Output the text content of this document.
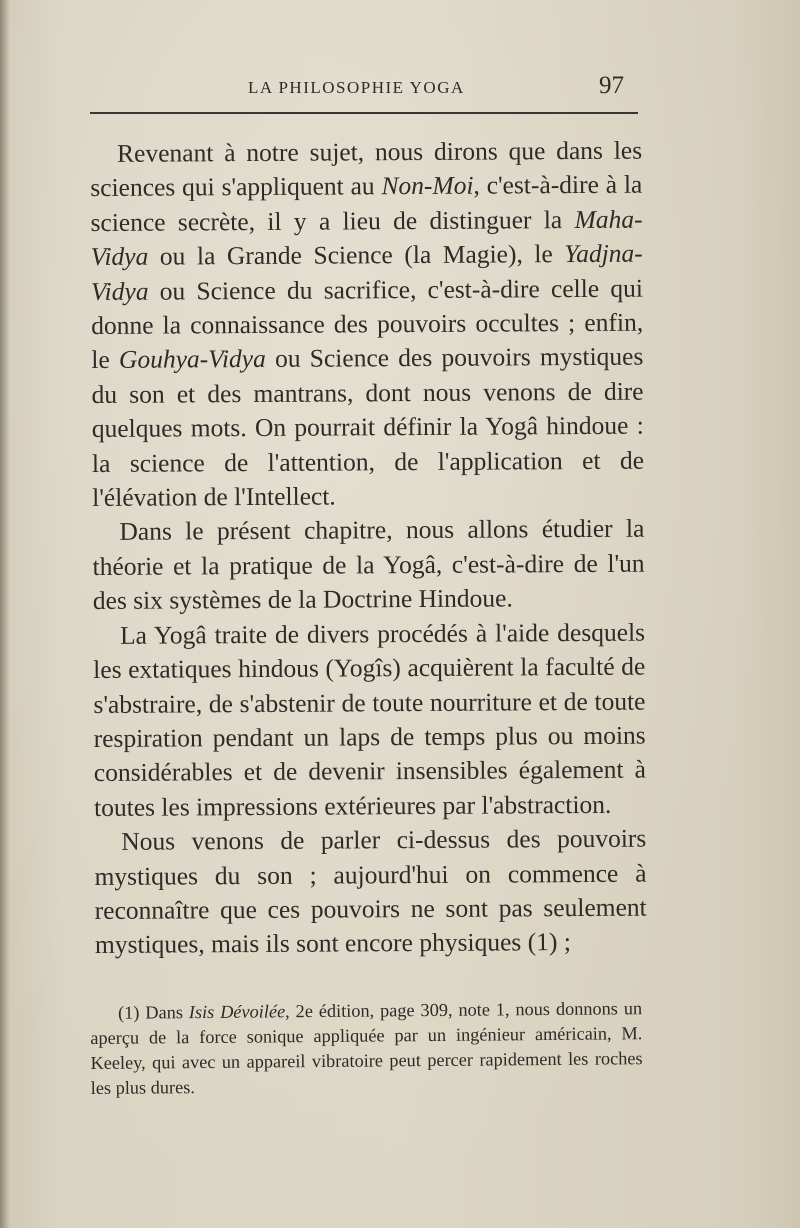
LA PHILOSOPHIE YOGA	97

Revenant à notre sujet, nous dirons que dans les sciences qui s'appliquent au Non-Moi, c'est-à-dire à la science secrète, il y a lieu de distinguer la Maha-Vidya ou la Grande Science (la Magie), le Yadjna-Vidya ou Science du sacrifice, c'est-à-dire celle qui donne la connaissance des pouvoirs occultes ; enfin, le Gouhya-Vidya ou Science des pouvoirs mystiques du son et des mantrans, dont nous venons de dire quelques mots. On pourrait définir la Yogâ hindoue : la science de l'attention, de l'application et de l'élévation de l'Intellect.

Dans le présent chapitre, nous allons étudier la théorie et la pratique de la Yogâ, c'est-à-dire de l'un des six systèmes de la Doctrine Hindoue.

La Yogâ traite de divers procédés à l'aide desquels les extatiques hindous (Yogîs) acquièrent la faculté de s'abstraire, de s'abstenir de toute nourriture et de toute respiration pendant un laps de temps plus ou moins considérables et de devenir insensibles également à toutes les impressions extérieures par l'abstraction.

Nous venons de parler ci-dessus des pouvoirs mystiques du son ; aujourd'hui on commence à reconnaître que ces pouvoirs ne sont pas seulement mystiques, mais ils sont encore physiques (1) ;

(1) Dans Isis Dévoilée, 2e édition, page 309, note 1, nous donnons un aperçu de la force sonique appliquée par un ingénieur américain, M. Keeley, qui avec un appareil vibratoire peut percer rapidement les roches les plus dures.
